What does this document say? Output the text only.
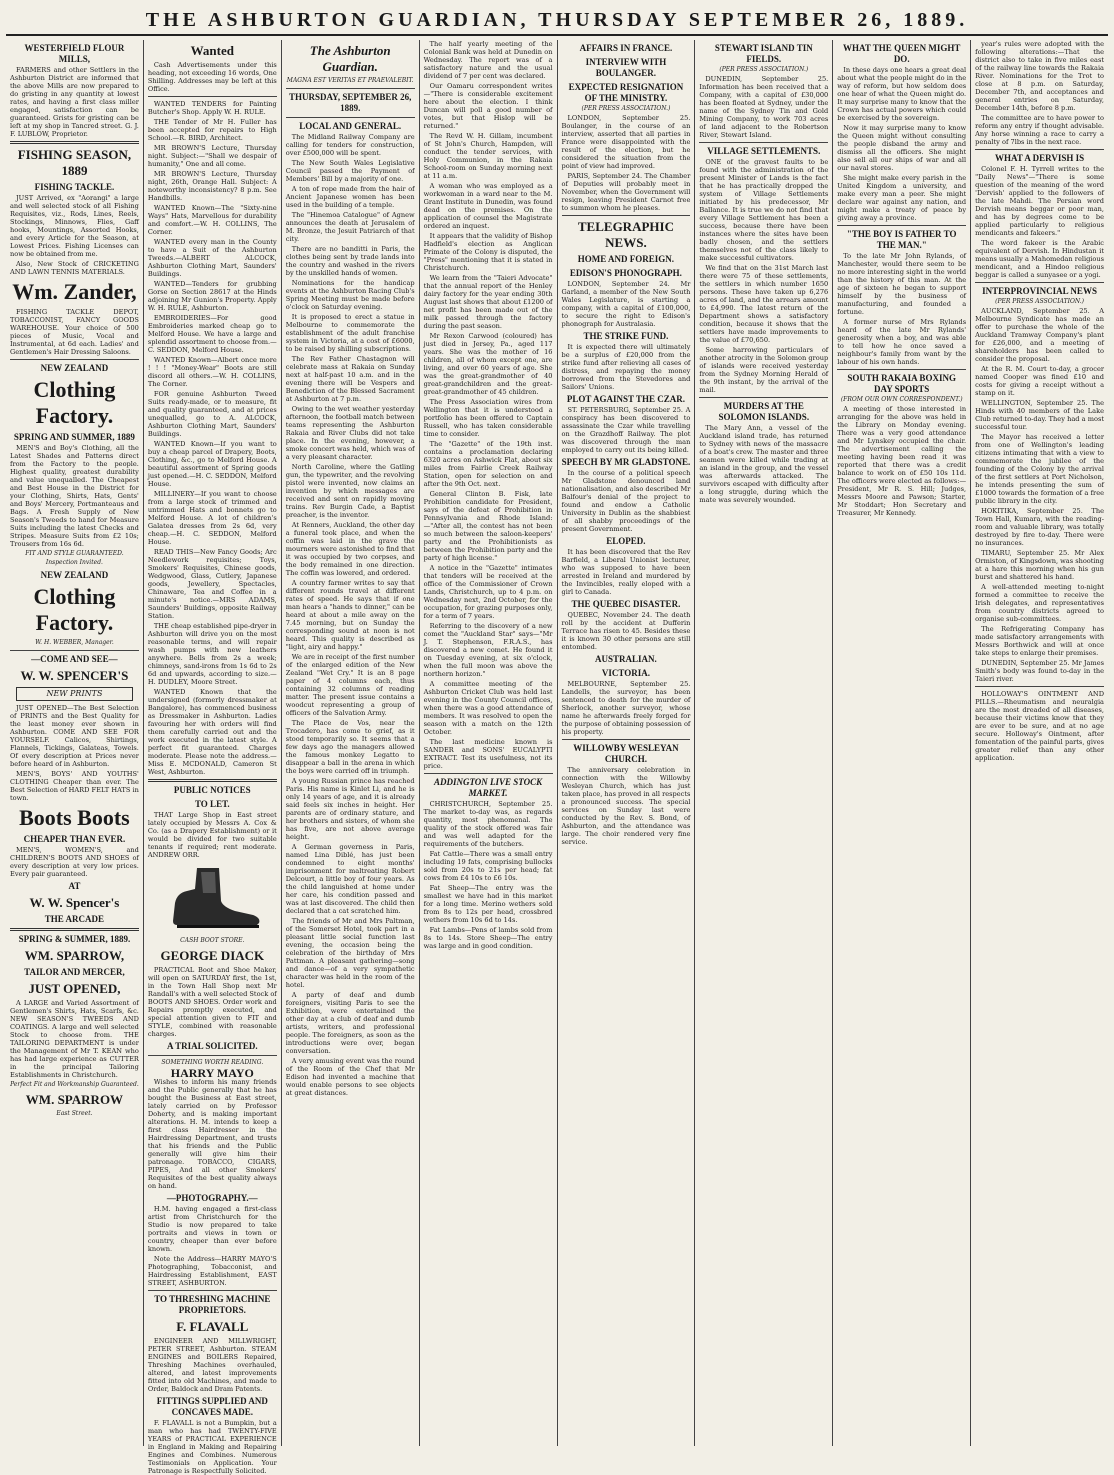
THE ASHBURTON GUARDIAN, THURSDAY SEPTEMBER 26, 1889.
WESTERFIELD FLOUR MILLS,

FARMERS and other Settlers in the Ashburton District are informed that the above Mills are now prepared to do gristing in any quantity at lowest rates, and having a first class miller engaged, satisfaction can be guaranteed. Grists for gristing can be left at my shop in Tancred street. G. J. F. LUBLOW, Proprietor.

FISHING SEASON, 1889
FISHING TACKLE.

JUST Arrived, ex "Aorangi" a large and well selected stock of all Fishing Requisites, viz., Rods, Lines, Reels, Stockings, Minnows, Flies, Gaff hooks, Mountings, Assorted Hooks, and every Article for the Season, at Lowest Prices. Fishing Licenses can now be obtained from me.

Also, New Stock of CRICKETING AND LAWN TENNIS MATERIALS.

Wm. Zander,

FISHING TACKLE DEPOT, TOBACCONIST, FANCY GOODS WAREHOUSE. Your choice of 500 pieces of Music, Vocal and Instrumental, at 6d each. Ladies' and Gentlemen's Hair Dressing Saloons.

NEW ZEALAND
Clothing Factory.
SPRING AND SUMMER, 1889

MEN'S and Boy's Clothing, all the Latest Shades and Patterns direct from the Factory to the people. Highest quality, greatest durability and value unequalled. The Cheapest and Best House in the District for your Clothing, Shirts, Hats, Gents' and Boys' Mercery, Portmanteaus and Bags. A Fresh Supply of New Season's Tweeds to hand for Measure Suits including the latest Checks and Stripes. Measure Suits from £2 10s; Trousers from 16s 6d.

FIT AND STYLE GUARANTEED.
Inspection Invited.
NEW ZEALAND
Clothing Factory.
W. H. WEBBER, Manager.
—COME AND SEE—
W. W. SPENCER'S
NEW PRINTS

JUST OPENED—The Best Selection of PRINTS and the Best Quality for the least money ever shown in Ashburton. COME AND SEE FOR YOURSELF. Calicos, Shirtings, Flannels, Tickings, Galateas, Towels. Of every description at Prices never before heard of in Ashburton.

MEN'S, BOYS' AND YOUTHS' CLOTHING Cheaper than ever. The Best Selection of HARD FELT HATS in town.

Boots Boots
CHEAPER THAN EVER.

MEN'S, WOMEN'S, and CHILDREN'S BOOTS AND SHOES of every description at very low prices. Every pair guaranteed.

AT
W. W. Spencer's
THE ARCADE
SPRING & SUMMER, 1889.
WM. SPARROW,
TAILOR AND MERCER,
JUST OPENED,

A LARGE and Varied Assortment of Gentlemen's Shirts, Hats, Scarfs, &c. NEW SEASON'S TWEEDS AND COATINGS. A large and well selected Stock to choose from. THE TAILORING DEPARTMENT is under the Management of Mr T. KEAN who has had large experience as CUTTER in the principal Tailoring Establishments in Christchurch.

Perfect Fit and Workmanship Guaranteed.
WM. SPARROW
East Street.
Wanted

Cash Advertisements under this heading, not exceeding 16 words, One Shilling. Addresses may be left at this Office.

WANTED TENDERS for Painting Butcher's Shop. Apply W. H. RULE.

THE Tender of Mr H. Fuller has been accepted for repairs to High School.—R. BIRD, Architect.

MR BROWN'S Lecture, Thursday night. Subject:—"Shall we despair of humanity," One and all come.

MR BROWN'S Lecture, Thursday night, 26th, Orange Hall. Subject: A noteworthy inconsistency? 8 p.m. See Handbills.

WANTED Known—The "Sixty-nine Ways" Hats, Marvellous for durability and comfort.—W. H. COLLINS, The Corner.

WANTED every man in the County to have a Suit of the Ashburton Tweeds.—ALBERT ALCOCK, Ashburton Clothing Mart, Saunders' Buildings.

WANTED—Tenders for grubbing Gorse on Section 28617 at the Hinds adjoining Mr Gunion's Property. Apply W. H. RULE, Ashburton.

EMBROIDERIES—For good Embroideries marked cheap go to Melford House. We have a large and splendid assortment to choose from.—C. SEDDON, Melford House.

WANTED Known—Albert once more ! ! ! "Money-Wear" Boots are still discord all others.—W. H. COLLINS, The Corner.

FOR genuine Ashburton Tweed Suits ready-made, or to measure, fit and quality guaranteed, and at prices unequalled, go to A. ALCOCK, Ashburton Clothing Mart, Saunders' Buildings.

WANTED Known—If you want to buy a cheap parcel of Drapery, Boots, Clothing, &c., go to Melford House. A beautiful assortment of Spring goods just opened.—H. C. SEDDON, Melford House.

MILLINERY—If you want to choose from a large stock of trimmed and untrimmed Hats and bonnets go to Melford House. A lot of children's Galatea dresses from 2s 6d, very cheap.—H. C. SEDDON, Melford House.

READ THIS—New Fancy Goods; Arc Needlework requisites; Toys, Smokers' Requisites, Chinese goods, Wedgwood, Glass, Cutlery, Japanese goods, Jewellery, Spectacles, Chinaware, Tea and Coffee in a minute's notice.—MRS ADAMS, Saunders' Buildings, opposite Railway Station.

THE cheap established pipe-dryer in Ashburton will drive you on the most reasonable terms, and will repair wash pumps with new leathers anywhere. Bells from 2s a week; chimneys, sand-irons from 1s 6d to 2s 6d and upwards, according to size.—H. DUDLEY, Moore Street.

WANTED Known that the undersigned (formerly dressmaker at Bangalore), has commenced business as Dressmaker in Ashburton. Ladies favouring her with orders will find them carefully carried out and the work executed in the latest style. A perfect fit guaranteed. Charges moderate. Please note the address.—Miss E. MCDONALD, Cameron St West, Ashburton.

PUBLIC NOTICES
TO LET.

THAT Large Shop in East street lately occupied by Messrs A. Cox & Co. (as a Drapery Establishment) or it would be divided for two suitable tenants if required; rent moderate. ANDREW ORR.

CASH BOOT STORE.
GEORGE DIACK

PRACTICAL Boot and Shoe Maker, will open on SATURDAY first, the 1st, in the Town Hall Shop next Mr Randall's with a well selected Stock of BOOTS AND SHOES. Order work and Repairs promptly executed, and special attention given to FIT and STYLE, combined with reasonable charges.

A TRIAL SOLICITED.
SOMETHING WORTH READING.
HARRY MAYO

Wishes to inform his many friends and the Public generally that he has bought the Business at East street, lately carried on by Professor Doherty, and is making important alterations. H. M. intends to keep a first class Hairdresser in the Hairdressing Department, and trusts that his friends and the Public generally will give him their patronage. TOBACCO, CIGARS, PIPES, And all other Smokers' Requisites of the best quality always on hand.

—PHOTOGRAPHY.—

H.M. having engaged a first-class artist from Christchurch for the Studio is now prepared to take portraits and views in town or country, cheaper than ever before known.

Note the Address—HARRY MAYO'S Photographing, Tobacconist, and Hairdressing Establishment, EAST STREET, ASHBURTON.

TO THRESHING MACHINE PROPRIETORS.
F. FLAVALL

ENGINEER AND MILLWRIGHT, PETER STREET, Ashburton. STEAM ENGINES and BOILERS Repaired, Threshing Machines overhauled, altered, and latest improvements fitted into old Machines, and made to Order, Baldock and Dram Patents.

FITTINGS SUPPLIED AND CONCAVES MADE.

F. FLAVALL is not a Bumpkin, but a man who has had TWENTY-FIVE YEARS of PRACTICAL EXPERIENCE in England in Making and Repairing Engines and Combines. Numerous Testimonials on Application. Your Patronage is Respectfully Solicited.

The Ashburton Guardian.
MAGNA EST VERITAS ET PRAEVALEBIT.
THURSDAY, SEPTEMBER 26, 1889.
LOCAL AND GENERAL.

The Midland Railway Company are calling for tenders for construction, over £500,000 will be spent.

The New South Wales Legislative Council passed the Payment of Members' Bill by a majority of one.

A ton of rope made from the hair of Ancient Japanese women has been used in the building of a temple.

The "Hinemoa Catalogue" of Agnew announces the death at Jerusalem of M. Bronze, the Jesuit Patriarch of that city.

There are no banditti in Paris, the clothes being sent by trade lands into the country and washed in the rivers by the unskilled hands of women.

Nominations for the handicap events at the Ashburton Racing Club's Spring Meeting must be made before o'clock on Saturday evening.

It is proposed to erect a statue in Melbourne to commemorate the establishment of the adult franchise system in Victoria, at a cost of £6000, to be raised by shilling subscriptions.

The Rev Father Chastagnon will celebrate mass at Rakaia on Sunday next at half-past 10 a.m. and in the evening there will be Vespers and Benediction of the Blessed Sacrament at Ashburton at 7 p.m.

Owing to the wet weather yesterday afternoon, the football match between teams representing the Ashburton Rakaia and River Clubs did not take place. In the evening, however, a smoke concert was held, which was of a very pleasant character.

North Caroline, where the Gatling gun, the typewriter, and the revolving pistol were invented, now claims an invention by which messages are received and sent on rapidly moving trains. Rev Burgin Cade, a Baptist preacher, is the inventor.

At Renners, Auckland, the other day a funeral took place, and when the coffin was laid in the grave the mourners were astonished to find that it was occupied by two corpses, and the body remained in one direction. The coffin was lowered, and ordered.

A country farmer writes to say that different rounds travel at different rates of speed. He says that if one man hears a "hands to dinner," can be heard at about a mile away on the 7.45 morning, but on Sunday the corresponding sound at noon is not heard. This quality is described as "light, airy and happy."

We are in receipt of the first number of the enlarged edition of the New Zealand "Wet Cry." It is an 8 page paper of 4 columns each, thus containing 32 columns of reading matter. The present issue contains a woodcut representing a group of officers of the Salvation Army.

The Place de Vos, near the Trocadero, has come to grief, as it stood temporarily so. It seems that a few days ago the managers allowed the famous monkey Legatto to disappear a ball in the arena in which the boys were carried off in triumph.

A young Russian prince has reached Paris. His name is Kinlet Li, and he is only 14 years of age, and it is already said feels six inches in height. Her parents are of ordinary stature, and her brothers and sisters, of whom she has five, are not above average height.

A German governess in Paris, named Lina Diblé, has just been condemned to eight months' imprisonment for maltreating Robert Delcourt, a little boy of four years. As the child languished at home under her care, his condition passed and was at last discovered. The child then declared that a cat scratched him.

The friends of Mr and Mrs Paltman, of the Somerset Hotel, took part in a pleasant little social function last evening, the occasion being the celebration of the birthday of Mrs Pattman. A pleasant gathering—song and dance—of a very sympathetic character was held in the room of the hotel.

A party of deaf and dumb foreigners, visiting Paris to see the Exhibition, were entertained the other day at a club of deaf and dumb artists, writers, and professional people. The foreigners, as soon as the introductions were over, began conversation.

A very amusing event was the round of the Room of the Chef that Mr Edison had invented a machine that would enable persons to see objects at great distances.

The half yearly meeting of the Colonial Bank was held at Dunedin on Wednesday. The report was of a satisfactory nature and the usual dividend of 7 per cent was declared.

Our Oamaru correspondent writes—"There is considerable excitement here about the election. I think Duncan will poll a good number of votes, but that Hislop will be returned."

The Revd W. H. Gillam, incumbent of St John's Church, Hampden, will conduct the tender services, with Holy Communion, in the Rakaia School-room on Sunday morning next at 11 a.m.

A woman who was employed as a workwoman in a ward near to the M. Grant Institute in Dunedin, was found dead on the premises. On the application of counsel the Magistrate ordered an inquest.

It appears that the validity of Bishop Hadfield's election as Anglican Primate of the Colony is disputed, the "Press" mentioning that it is stated in Christchurch.

We learn from the "Taieri Advocate" that the annual report of the Henley dairy factory for the year ending 30th August last shows that about £1200 of net profit has been made out of the milk passed through the factory during the past season.

Mr Rexon Carwood (coloured) has just died in Jersey, Pa., aged 117 years. She was the mother of 16 children, all of whom except one, are living, and over 60 years of age. She was the great-grandmother of 40 great-grandchildren and the great-great-grandmother of 45 children.

The Press Association wires from Wellington that it is understood a portfolio has been offered to Captain Russell, who has taken considerable time to consider.

The "Gazette" of the 19th inst. contains a proclamation declaring 6320 acres on Ashwick Flat, about six miles from Fairlie Creek Railway Station, open for selection on and after the 9th Oct. next.

General Clinton B. Fisk, late Prohibition candidate for President, says of the defeat of Prohibition in Pennsylvania and Rhode Island:—"After all, the contest has not been so much between the saloon-keepers' party and the Prohibitionists as between the Prohibition party and the party of high license."

A notice in the "Gazette" intimates that tenders will be received at the office of the Commissioner of Crown Lands, Christchurch, up to 4 p.m. on Wednesday next, 2nd October, for the occupation, for grazing purposes only, for a term of 7 years.

Referring to the discovery of a new comet the "Auckland Star" says—"Mr J. T. Stephenson, F.R.A.S., has discovered a new comet. He found it on Tuesday evening, at six o'clock, when the full moon was above the northern horizon."

A committee meeting of the Ashburton Cricket Club was held last evening in the County Council offices, when there was a good attendance of members. It was resolved to open the season with a match on the 12th October.

The last medicine known is SANDER and SONS' EUCALYPTI EXTRACT. Test its usefulness, not its price.

ADDINGTON LIVE STOCK MARKET.

CHRISTCHURCH, September 25. The market to-day was, as regards quantity, most phenomenal. The quality of the stock offered was fair and was well adapted for the requirements of the butchers.

Fat Cattle—There was a small entry including 19 fats, comprising bullocks sold from 20s to 21s per head; fat cows from £4 10s to £6 10s.

Fat Sheep—The entry was the smallest we have had in this market for a long time. Merino wethers sold from 8s to 12s per head, crossbred wethers from 10s 6d to 14s.

Fat Lambs—Pens of lambs sold from 8s to 14s. Store Sheep—The entry was large and in good condition.

AFFAIRS IN FRANCE.
INTERVIEW WITH BOULANGER.
EXPECTED RESIGNATION OF THE MINISTRY.
(PER PRESS ASSOCIATION.)

LONDON, September 25. Boulanger, in the course of an interview, asserted that all parties in France were disappointed with the result of the election, but he considered the situation from the point of view had improved.

PARIS, September 24. The Chamber of Deputies will probably meet in November, when the Government will resign, leaving President Carnot free to summon whom he pleases.

TELEGRAPHIC NEWS.
HOME AND FOREIGN.
EDISON'S PHONOGRAPH.

LONDON, September 24. Mr Garland, a member of the New South Wales Legislature, is starting a company, with a capital of £100,000, to secure the right to Edison's phonograph for Australasia.

THE STRIKE FUND.

It is expected there will ultimately be a surplus of £20,000 from the strike fund after relieving all cases of distress, and repaying the money borrowed from the Stevedores and Sailors' Unions.

PLOT AGAINST THE CZAR.

ST. PETERSBURG, September 25. A conspiracy has been discovered to assassinate the Czar while travelling on the Grazdhoff Railway. The plot was discovered through the man employed to carry out its being killed.

SPEECH BY MR GLADSTONE.

In the course of a political speech Mr Gladstone denounced land nationalisation, and also described Mr Balfour's denial of the project to found and endow a Catholic University in Dublin as the shabbiest of all shabby proceedings of the present Government.

ELOPED.

It has been discovered that the Rev Barfield, a Liberal Unionist lecturer, who was supposed to have been arrested in Ireland and murdered by the Invincibles, really eloped with a girl to Canada.

THE QUEBEC DISASTER.

QUEBEC, November 24. The death roll by the accident at Dufferin Terrace has risen to 45. Besides these it is known 30 other persons are still entombed.

AUSTRALIAN.
VICTORIA.

MELBOURNE, September 25. Landells, the surveyor, has been sentenced to death for the murder of Sherlock, another surveyor, whose name he afterwards freely forged for the purpose of obtaining possession of his property.

WILLOWBY WESLEYAN CHURCH.

The anniversary celebration in connection with the Willowby Wesleyan Church, which has just taken place, has proved in all respects a pronounced success. The special services on Sunday last were conducted by the Rev. S. Bond, of Ashburton, and the attendance was large. The choir rendered very fine service.

STEWART ISLAND TIN FIELDS.
(PER PRESS ASSOCIATION.)

DUNEDIN, September 25. Information has been received that a Company, with a capital of £30,000 has been floated at Sydney, under the name of the Sydney Tin and Gold Mining Company, to work 703 acres of land adjacent to the Robertson River, Stewart Island.

VILLAGE SETTLEMENTS.

ONE of the gravest faults to be found with the administration of the present Minister of Lands is the fact that he has practically dropped the system of Village Settlements initiated by his predecessor, Mr Ballance. It is true we do not find that every Village Settlement has been a success, because there have been instances where the sites have been badly chosen, and the settlers themselves not of the class likely to make successful cultivators.

We find that on the 31st March last there were 75 of these settlements, the settlers in which number 1650 persons. These have taken up 6,276 acres of land, and the arrears amount to £4,990. The latest return of the Department shows a satisfactory condition, because it shows that the settlers have made improvements to the value of £70,650.

Some harrowing particulars of another atrocity in the Solomon group of islands were received yesterday from the Sydney Morning Herald of the 9th instant, by the arrival of the mail.

MURDERS AT THE SOLOMON ISLANDS.

The Mary Ann, a vessel of the Auckland island trade, has returned to Sydney with news of the massacre of a boat's crew. The master and three seamen were killed while trading at an island in the group, and the vessel was afterwards attacked. The survivors escaped with difficulty after a long struggle, during which the mate was severely wounded.

WHAT THE QUEEN MIGHT DO.

In these days one hears a great deal about what the people might do in the way of reform, but how seldom does one hear of what the Queen might do. It may surprise many to know that the Crown has actual powers which could be exercised by the sovereign.

Now it may surprise many to know the Queen might without consulting the people disband the army and dismiss all the officers. She might also sell all our ships of war and all our naval stores.

She might make every parish in the United Kingdom a university, and make every man a peer. She might declare war against any nation, and might make a treaty of peace by giving away a province.

"THE BOY IS FATHER TO THE MAN."

To the late Mr John Rylands, of Manchester, would there seem to be no more interesting sight in the world than the history of this man. At the age of sixteen he began to support himself by the business of manufacturing, and founded a fortune.

A former nurse of Mrs Rylands heard of the late Mr Rylands' generosity when a boy, and was able to tell how he once saved a neighbour's family from want by the labour of his own hands.

SOUTH RAKAIA BOXING DAY SPORTS
(FROM OUR OWN CORRESPONDENT.)

A meeting of those interested in arranging for the above was held in the Library on Monday evening. There was a very good attendance and Mr Lynskey occupied the chair. The advertisement calling the meeting having been read it was reported that there was a credit balance to work on of £50 10s 11d. The officers were elected as follows:—President, Mr R. S. Hill; Judges, Messrs Moore and Pawson; Starter, Mr Stoddart; Hon Secretary and Treasurer, Mr Kennedy.

year's rules were adopted with the following alterations:—That the district also to take in five miles east of the railway line towards the Rakaia River. Nominations for the Trot to close at 8 p.m. on Saturday, December 7th, and acceptances and general entries on Saturday, December 14th, before 8 p.m.

The committee are to have power to reform any entry if thought advisable. Any horse winning a race to carry a penalty of 7lbs in the next race.

WHAT A DERVISH IS

Colonel F. H. Tyrrell writes to the "Daily News"—"There is some question of the meaning of the word 'Dervish' applied to the followers of the late Mahdi. The Persian word Dervish means beggar or poor man, and has by degrees come to be applied particularly to religious mendicants and fakeers."

The word fakeer is the Arabic equivalent of Dervish. In Hindustan it means usually a Mahomedan religious mendicant, and a Hindoo religious beggar is called a sunyasee or a yogi.

INTERPROVINCIAL NEWS
(PER PRESS ASSOCIATION.)

AUCKLAND, September 25. A Melbourne Syndicate has made an offer to purchase the whole of the Auckland Tramway Company's plant for £26,000, and a meeting of shareholders has been called to consider the proposal.

At the R. M. Court to-day, a grocer named Cooper was fined £10 and costs for giving a receipt without a stamp on it.

WELLINGTON, September 25. The Hinds with 40 members of the Lake Club returned to-day. They had a most successful tour.

The Mayor has received a letter from one of Wellington's leading citizens intimating that with a view to commemorate the jubilee of the founding of the Colony by the arrival of the first settlers at Port Nicholson, he intends presenting the sum of £1000 towards the formation of a free public library in the city.

HOKITIKA, September 25. The Town Hall, Kumara, with the reading-room and valuable library, was totally destroyed by fire to-day. There were no insurances.

TIMARU, September 25. Mr Alex Ormiston, of Kingsdown, was shooting at a hare this morning when his gun burst and shattered his hand.

A well-attended meeting to-night formed a committee to receive the Irish delegates, and representatives from country districts agreed to organise sub-committees.

The Refrigerating Company has made satisfactory arrangements with Messrs Borthwick and will at once take steps to enlarge their premises.

DUNEDIN, September 25. Mr James Smith's body was found to-day in the Taieri river.

HOLLOWAY'S OINTMENT AND PILLS.—Rheumatism and neuralgia are the most dreaded of all diseases, because their victims know that they are ever to be sure, and at no age secure. Holloway's Ointment, after fomentation of the painful parts, gives greater relief than any other application.
